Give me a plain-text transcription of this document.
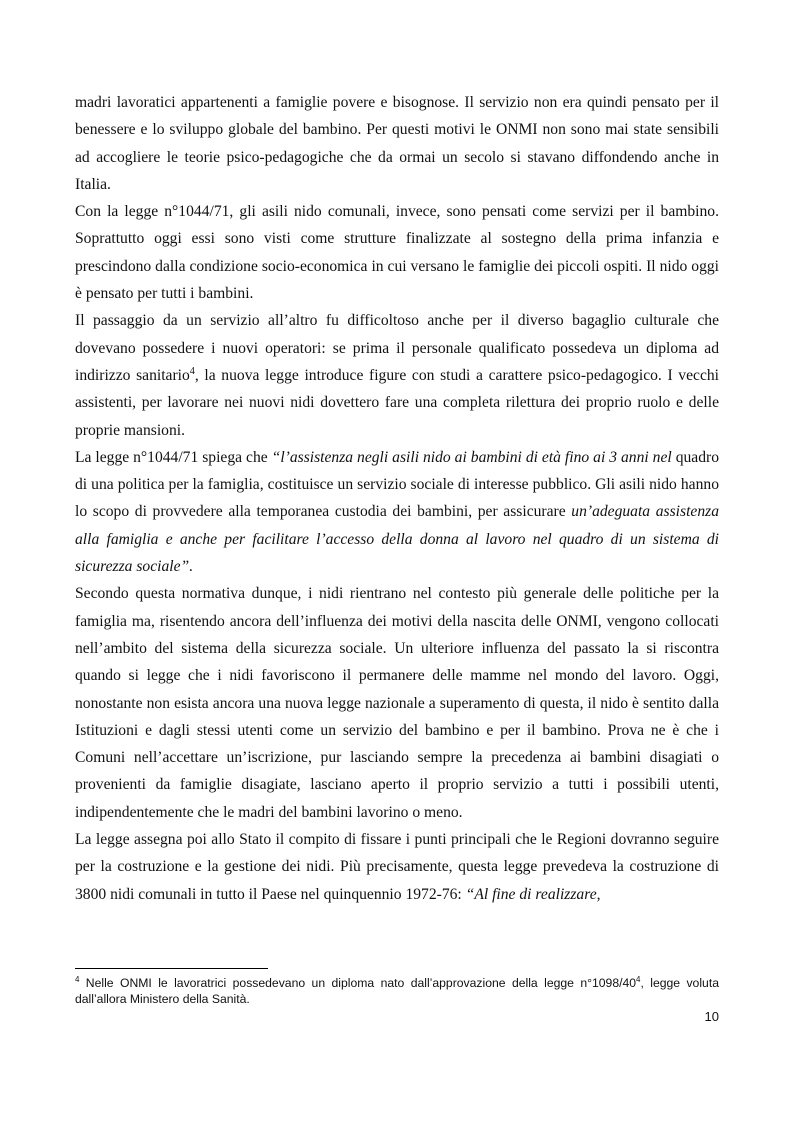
madri lavoratici appartenenti a famiglie povere e bisognose. Il servizio non era quindi pensato per il benessere e lo sviluppo globale del bambino. Per questi motivi le ONMI non sono mai state sensibili ad accogliere le teorie psico-pedagogiche che da ormai un secolo si stavano diffondendo anche in Italia.

Con la legge n°1044/71, gli asili nido comunali, invece, sono pensati come servizi per il bambino. Soprattutto oggi essi sono visti come strutture finalizzate al sostegno della prima infanzia e prescindono dalla condizione socio-economica in cui versano le famiglie dei piccoli ospiti. Il nido oggi è pensato per tutti i bambini.

Il passaggio da un servizio all’altro fu difficoltoso anche per il diverso bagaglio culturale che dovevano possedere i nuovi operatori: se prima il personale qualificato possedeva un diploma ad indirizzo sanitario$^4$, la nuova legge introduce figure con studi a carattere psico-pedagogico. I vecchi assistenti, per lavorare nei nuovi nidi dovettero fare una completa rilettura dei proprio ruolo e delle proprie mansioni.

La legge n°1044/71 spiega che “l’assistenza negli asili nido ai bambini di età fino ai 3 anni nel quadro di una politica per la famiglia, costituisce un servizio sociale di interesse pubblico. Gli asili nido hanno lo scopo di provvedere alla temporanea custodia dei bambini, per assicurare un’adeguata assistenza alla famiglia e anche per facilitare l’accesso della donna al lavoro nel quadro di un sistema di sicurezza sociale”.

Secondo questa normativa dunque, i nidi rientrano nel contesto più generale delle politiche per la famiglia ma, risentendo ancora dell’influenza dei motivi della nascita delle ONMI, vengono collocati nell’ambito del sistema della sicurezza sociale. Un ulteriore influenza del passato la si riscontra quando si legge che i nidi favoriscono il permanere delle mamme nel mondo del lavoro. Oggi, nonostante non esista ancora una nuova legge nazionale a superamento di questa, il nido è sentito dalla Istituzioni e dagli stessi utenti come un servizio del bambino e per il bambino. Prova ne è che i Comuni nell’accettare un’iscrizione, pur lasciando sempre la precedenza ai bambini disagiati o provenienti da famiglie disagiate, lasciano aperto il proprio servizio a tutti i possibili utenti, indipendentemente che le madri del bambini lavorino o meno.

La legge assegna poi allo Stato il compito di fissare i punti principali che le Regioni dovranno seguire per la costruzione e la gestione dei nidi. Più precisamente, questa legge prevedeva la costruzione di 3800 nidi comunali in tutto il Paese nel quinquennio 1972-76: “Al fine di realizzare,

$^4$ Nelle ONMI le lavoratrici possedevano un diploma nato dall’approvazione della legge $n^\circ 1098/40^4$, legge voluta dall’allora Ministero della Sanità.

10
